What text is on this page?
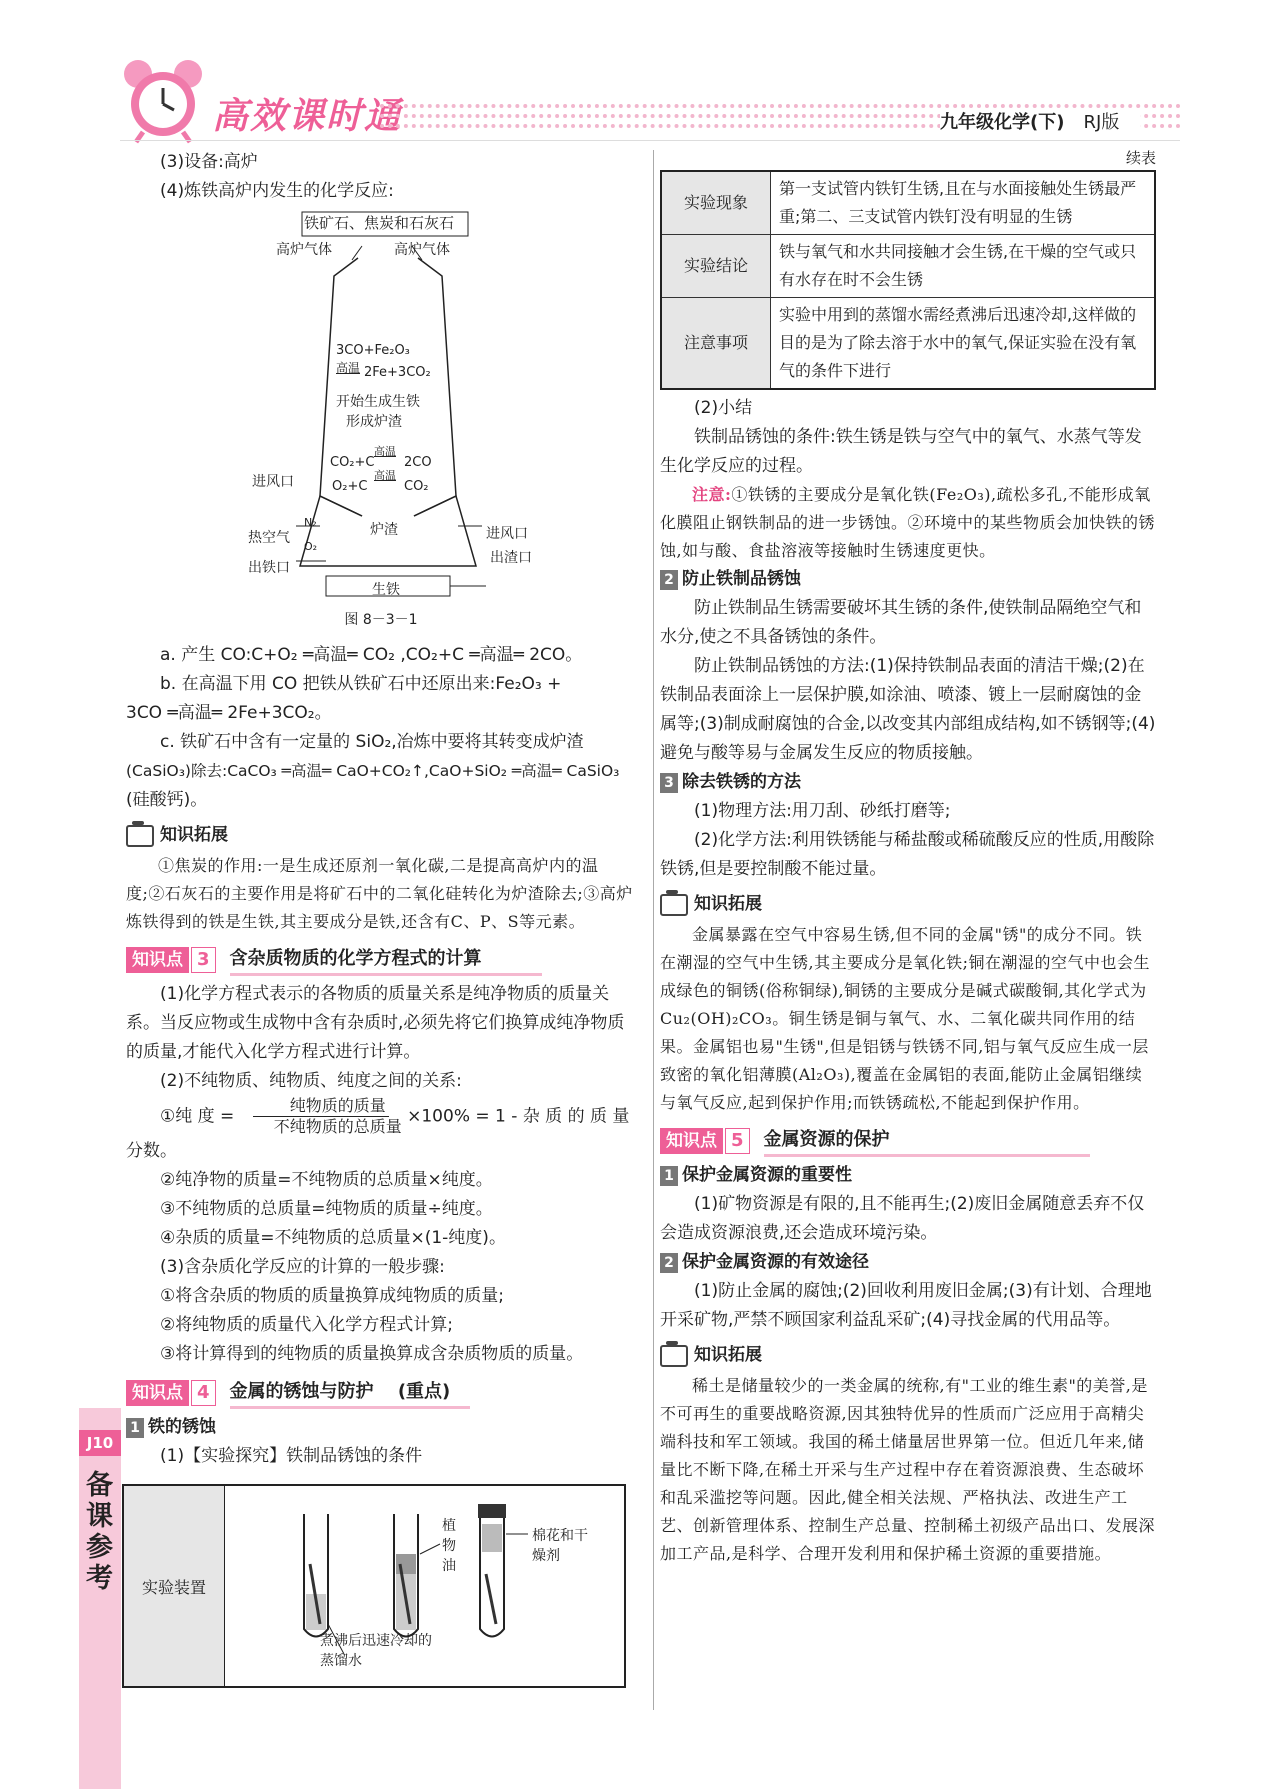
高效课时通	九年级化学(下) RJ版
J10
备课参考

(3)设备:高炉

(4)炼铁高炉内发生的化学反应:

铁矿石、焦炭和石灰石
高炉气体	高炉气体
3CO+Fe₂O₃
高温 2Fe+3CO₂
开始生成生铁
形成炉渣
CO₂+C
高温
2CO
O₂+C
高温
CO₂
进风口
热空气
N₂
O₂
出铁口
炉渣	进风口
出渣口
生铁

图 8－3－1

a. 产生 CO:C+O₂ ═高温═ CO₂ ,CO₂+C ═高温═ 2CO。

b. 在高温下用 CO 把铁从铁矿石中还原出来:Fe₂O₃ +

3CO ═高温═ 2Fe+3CO₂。

c. 铁矿石中含有一定量的 SiO₂,冶炼中要将其转变成炉渣

(CaSiO₃)除去:CaCO₃ ═高温═ CaO+CO₂↑,CaO+SiO₂ ═高温═ CaSiO₃

(硅酸钙)。

知识拓展

①焦炭的作用:一是生成还原剂一氧化碳,二是提高高炉内的温度;②石灰石的主要作用是将矿石中的二氧化硅转化为炉渣除去;③高炉炼铁得到的铁是生铁,其主要成分是铁,还含有C、P、S等元素。

知识点 3	含杂质物质的化学方程式的计算

(1)化学方程式表示的各物质的质量关系是纯净物质的质量关系。当反应物或生成物中含有杂质时,必须先将它们换算成纯净物质的质量,才能代入化学方程式进行计算。

(2)不纯物质、纯物质、纯度之间的关系:

①纯 度 = $\frac{\text{纯物质的质量}}{\text{不纯物质的总质量}} \times 100\% = 1$ - 杂 质 的 质 量

分数。

②纯净物的质量=不纯物质的总质量×纯度。

③不纯物质的总质量=纯物质的质量÷纯度。

④杂质的质量=不纯物质的总质量×(1-纯度)。

(3)含杂质化学反应的计算的一般步骤:

①将含杂质的物质的质量换算成纯物质的质量;

②将纯物质的质量代入化学方程式计算;

③将计算得到的纯物质的质量换算成含杂质物质的质量。

知识点 4	金属的锈蚀与防护 (重点)
1 铁的锈蚀

(1)【实验探究】铁制品锈蚀的条件

实验装置
植物油
棉花和干燥剂
煮沸后迅速冷却的蒸馏水

续表

实验现象	第一支试管内铁钉生锈,且在与水面接触处生锈最严重;第二、三支试管内铁钉没有明显的生锈
实验结论	铁与氧气和水共同接触才会生锈,在干燥的空气或只有水存在时不会生锈
注意事项	实验中用到的蒸馏水需经煮沸后迅速冷却,这样做的目的是为了除去溶于水中的氧气,保证实验在没有氧气的条件下进行

(2)小结

铁制品锈蚀的条件:铁生锈是铁与空气中的氧气、水蒸气等发生化学反应的过程。

注意:①铁锈的主要成分是氧化铁(Fe₂O₃),疏松多孔,不能形成氧化膜阻止钢铁制品的进一步锈蚀。②环境中的某些物质会加快铁的锈蚀,如与酸、食盐溶液等接触时生锈速度更快。

2 防止铁制品锈蚀

防止铁制品生锈需要破坏其生锈的条件,使铁制品隔绝空气和水分,使之不具备锈蚀的条件。

防止铁制品锈蚀的方法:(1)保持铁制品表面的清洁干燥;(2)在铁制品表面涂上一层保护膜,如涂油、喷漆、镀上一层耐腐蚀的金属等;(3)制成耐腐蚀的合金,以改变其内部组成结构,如不锈钢等;(4)避免与酸等易与金属发生反应的物质接触。

3 除去铁锈的方法

(1)物理方法:用刀刮、砂纸打磨等;

(2)化学方法:利用铁锈能与稀盐酸或稀硫酸反应的性质,用酸除铁锈,但是要控制酸不能过量。

知识拓展

金属暴露在空气中容易生锈,但不同的金属"锈"的成分不同。铁在潮湿的空气中生锈,其主要成分是氧化铁;铜在潮湿的空气中也会生成绿色的铜锈(俗称铜绿),铜锈的主要成分是碱式碳酸铜,其化学式为 Cu₂(OH)₂CO₃。铜生锈是铜与氧气、水、二氧化碳共同作用的结果。金属铝也易"生锈",但是铝锈与铁锈不同,铝与氧气反应生成一层致密的氧化铝薄膜(Al₂O₃),覆盖在金属铝的表面,能防止金属铝继续与氧气反应,起到保护作用;而铁锈疏松,不能起到保护作用。

知识点 5	金属资源的保护
1 保护金属资源的重要性

(1)矿物资源是有限的,且不能再生;(2)废旧金属随意丢弃不仅会造成资源浪费,还会造成环境污染。

2 保护金属资源的有效途径

(1)防止金属的腐蚀;(2)回收利用废旧金属;(3)有计划、合理地开采矿物,严禁不顾国家利益乱采矿;(4)寻找金属的代用品等。

知识拓展

稀土是储量较少的一类金属的统称,有"工业的维生素"的美誉,是不可再生的重要战略资源,因其独特优异的性质而广泛应用于高精尖端科技和军工领域。我国的稀土储量居世界第一位。但近几年来,储量比不断下降,在稀土开采与生产过程中存在着资源浪费、生态破坏和乱采滥挖等问题。因此,健全相关法规、严格执法、改进生产工艺、创新管理体系、控制生产总量、控制稀土初级产品出口、发展深加工产品,是科学、合理开发利用和保护稀土资源的重要措施。
